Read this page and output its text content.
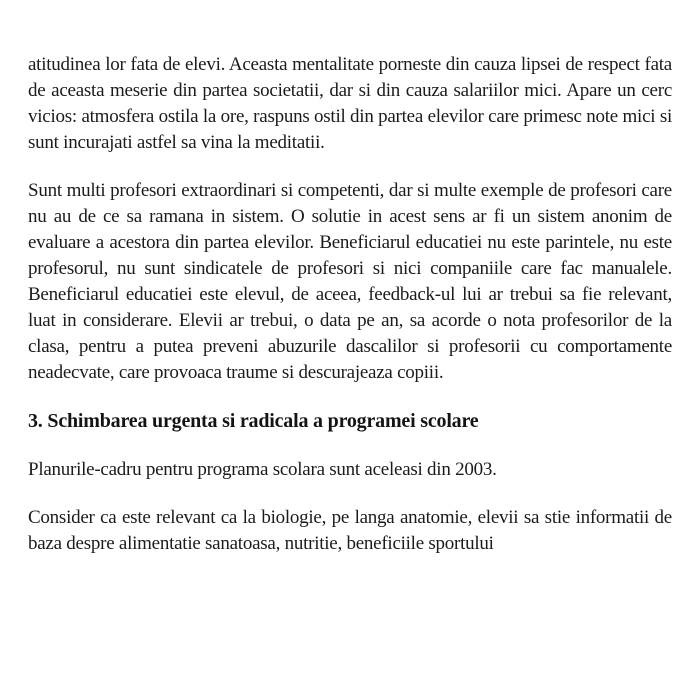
atitudinea lor fata de elevi. Aceasta mentalitate porneste din cauza lipsei de respect fata de aceasta meserie din partea societatii, dar si din cauza salariilor mici. Apare un cerc vicios: atmosfera ostila la ore, raspuns ostil din partea elevilor care primesc note mici si sunt incurajati astfel sa vina la meditatii.

Sunt multi profesori extraordinari si competenti, dar si multe exemple de profesori care nu au de ce sa ramana in sistem. O solutie in acest sens ar fi un sistem anonim de evaluare a acestora din partea elevilor. Beneficiarul educatiei nu este parintele, nu este profesorul, nu sunt sindicatele de profesori si nici companiile care fac manualele. Beneficiarul educatiei este elevul, de aceea, feedback-ul lui ar trebui sa fie relevant, luat in considerare. Elevii ar trebui, o data pe an, sa acorde o nota profesorilor de la clasa, pentru a putea preveni abuzurile dascalilor si profesorii cu comportamente neadecvate, care provoaca traume si descurajeaza copiii.

3. Schimbarea urgenta si radicala a programei scolare

Planurile-cadru pentru programa scolara sunt aceleasi din 2003.

Consider ca este relevant ca la biologie, pe langa anatomie, elevii sa stie informatii de baza despre alimentatie sanatoasa, nutritie, beneficiile sportului
